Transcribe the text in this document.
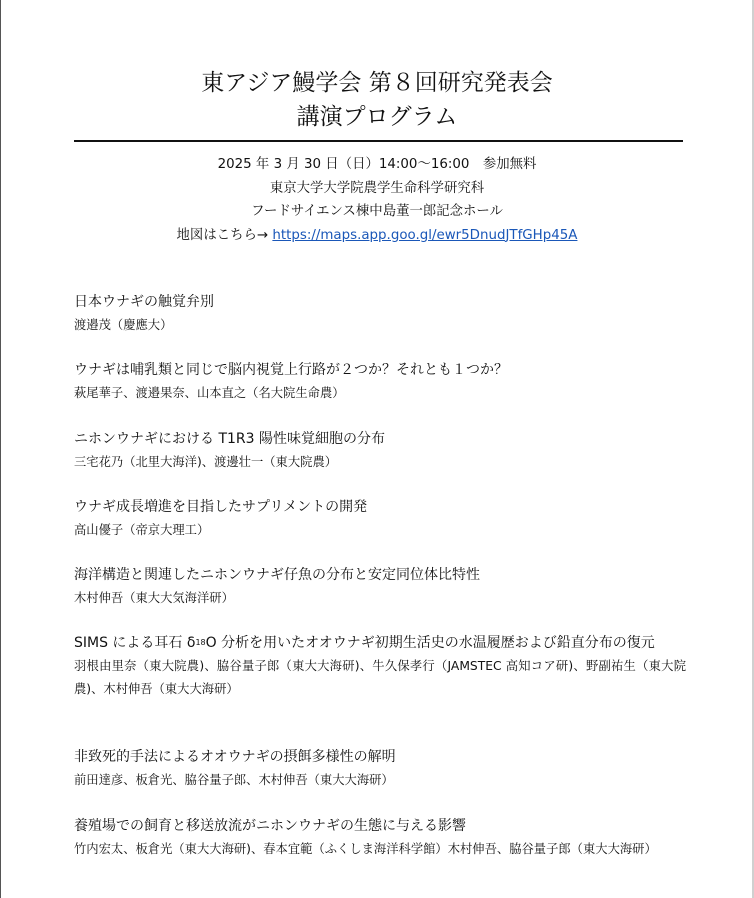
東アジア鰻学会 第８回研究発表会
講演プログラム
2025 年 3 月 30 日（日）14:00～16:00　参加無料
東京大学大学院農学生命科学研究科
フードサイエンス棟中島董一郎記念ホール
地図はこちら→ https://maps.app.goo.gl/ewr5DnudJTfGHp45A
日本ウナギの触覚弁別
渡邉茂（慶應大）
ウナギは哺乳類と同じで脳内視覚上行路が２つか？それとも１つか？
萩尾華子、渡邉果奈、山本直之（名大院生命農）
ニホンウナギにおける T1R3 陽性味覚細胞の分布
三宅花乃（北里大海洋)、渡邊壮一（東大院農）
ウナギ成長増進を目指したサプリメントの開発
高山優子（帝京大理工）
海洋構造と関連したニホンウナギ仔魚の分布と安定同位体比特性
木村伸吾（東大大気海洋研）
SIMS による耳石 $\delta^{18}O$ 分析を用いたオオウナギ初期生活史の水温履歴および鉛直分布の復元
羽根由里奈（東大院農)、脇谷量子郎（東大大海研)、牛久保孝行（JAMSTEC 高知コア研)、野副祐生（東大院農)、木村伸吾（東大大海研）
非致死的手法によるオオウナギの摂餌多様性の解明
前田達彦、板倉光、脇谷量子郎、木村伸吾（東大大海研）
養殖場での飼育と移送放流がニホンウナギの生態に与える影響
竹内宏太、板倉光（東大大海研)、春本宜範（ふくしま海洋科学館）木村伸吾、脇谷量子郎（東大大海研）
